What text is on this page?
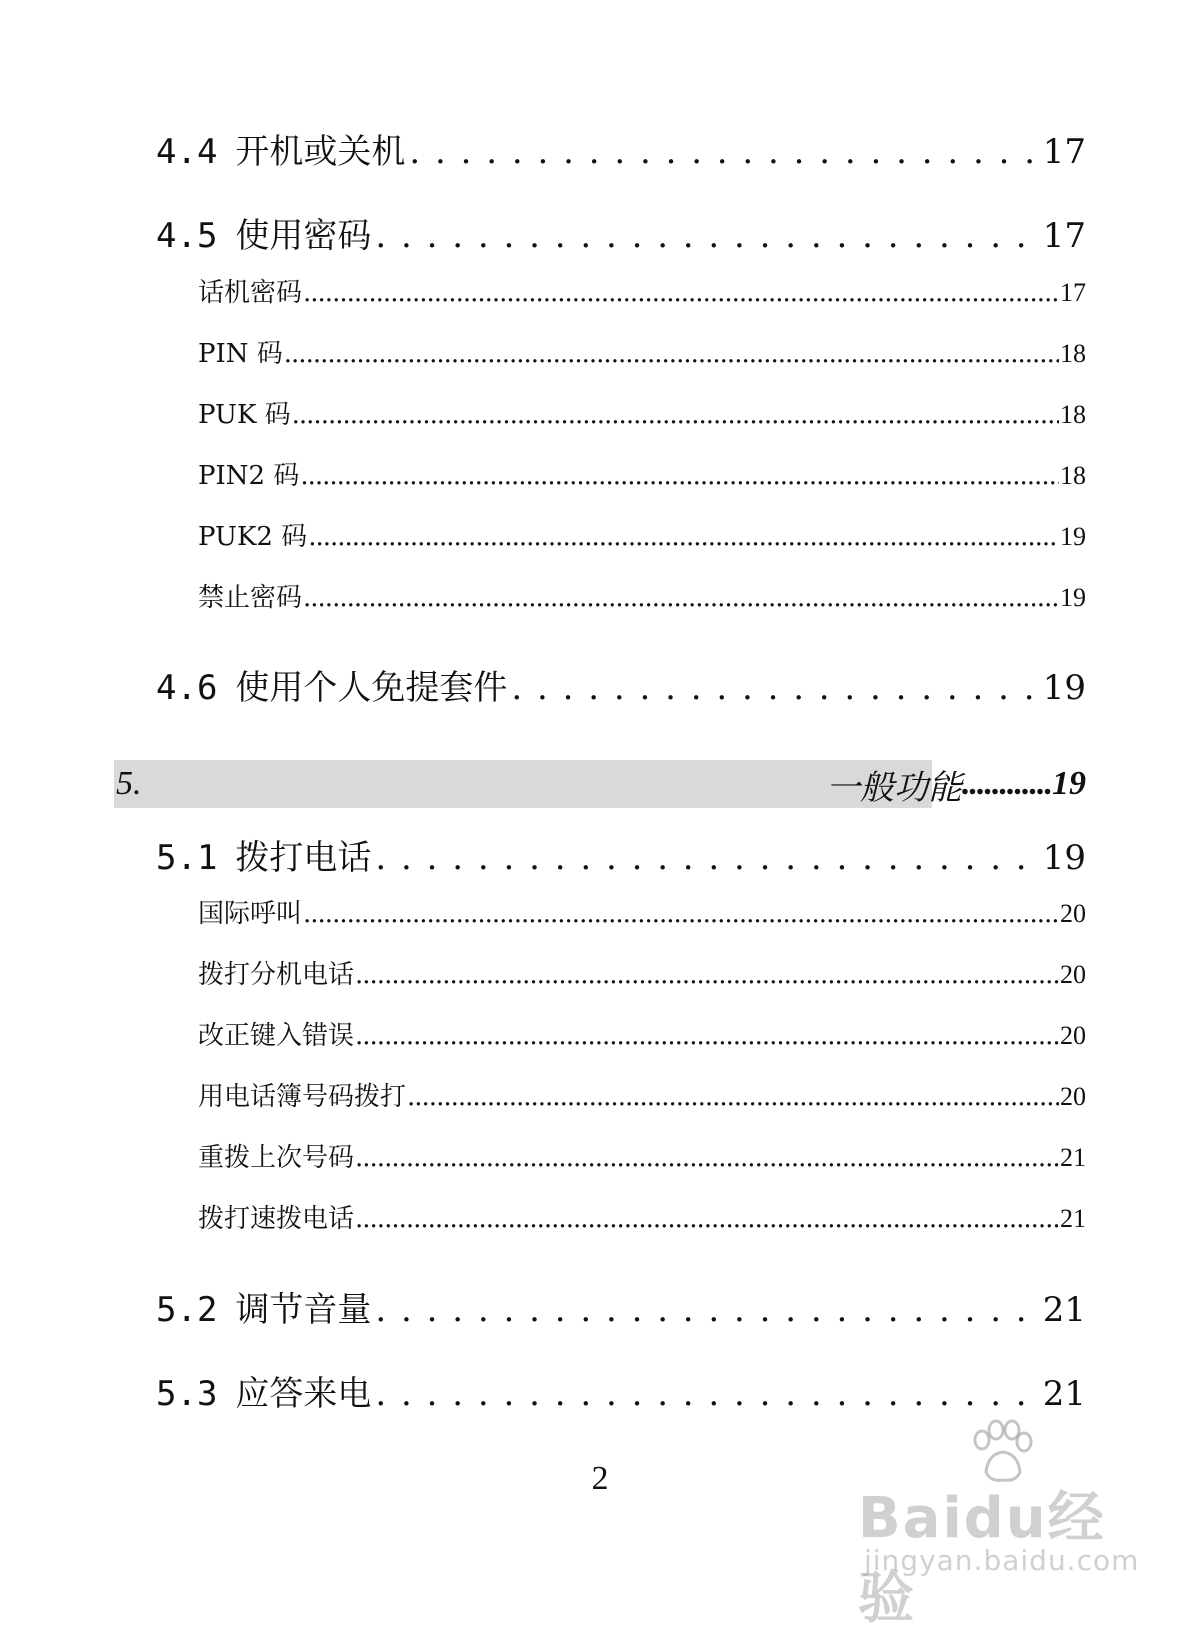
4.4 开机或关机 . . .	17
4.5 使用密码 . . .	17
话机密码 .....	17
PIN 码 .....	18
PUK 码 .....	18
PIN2 码 .....	18
PUK2 码 .....	19
禁止密码 .....	19
4.6 使用个人免提套件 . . .	19
5.	一般功能 ............ 19
5.1 拨打电话 . . .	19
国际呼叫 .....	20
拨打分机电话 .....	20
改正键入错误 .....	20
用电话簿号码拨打 .....	20
重拨上次号码 .....	21
拨打速拨电话 .....	21
5.2 调节音量 . . .	21
5.3 应答来电 . . .	21
2
Baidu经验
jingyan.baidu.com
